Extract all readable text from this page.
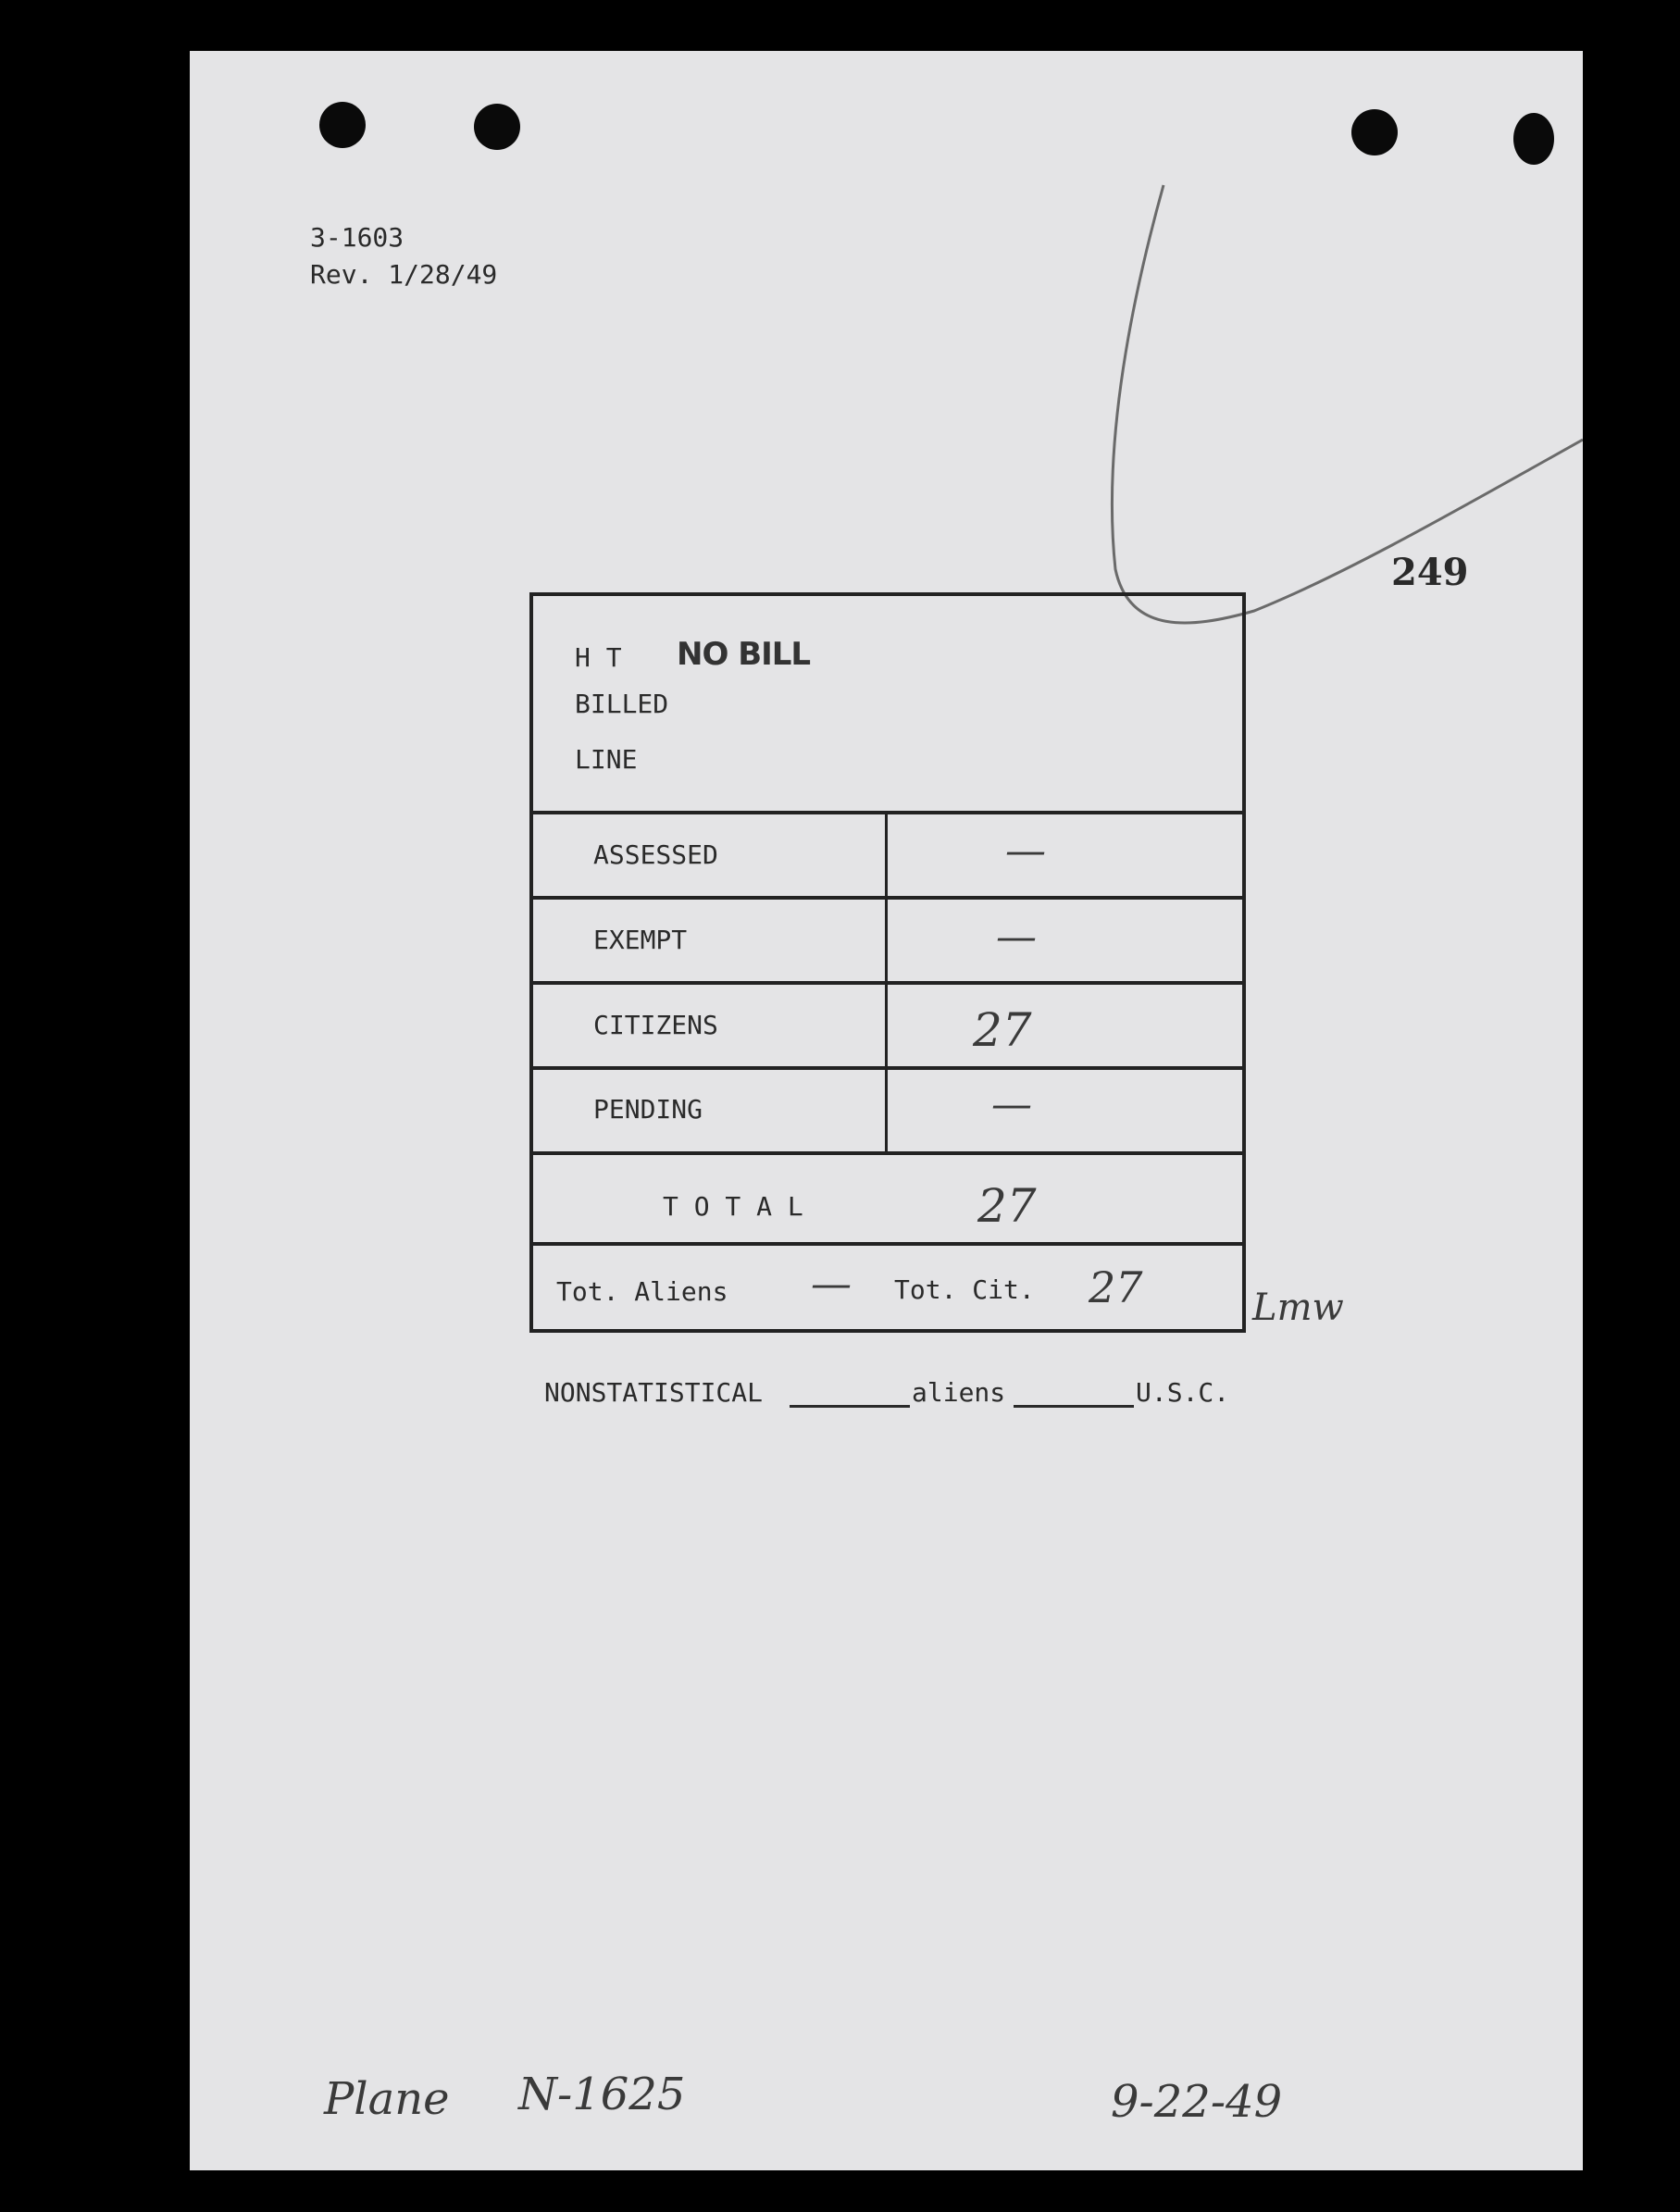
3-1603
Rev. 1/28/49
249
H T NO BILL
BILLED
LINE
ASSESSED	—
EXEMPT	—
CITIZENS	27
PENDING	—
T O T A L	27
Tot. Aliens — Tot. Cit. 27	Lmw
NONSTATISTICAL	aliens	U.S.C.
Plane N-1625	9-22-49
